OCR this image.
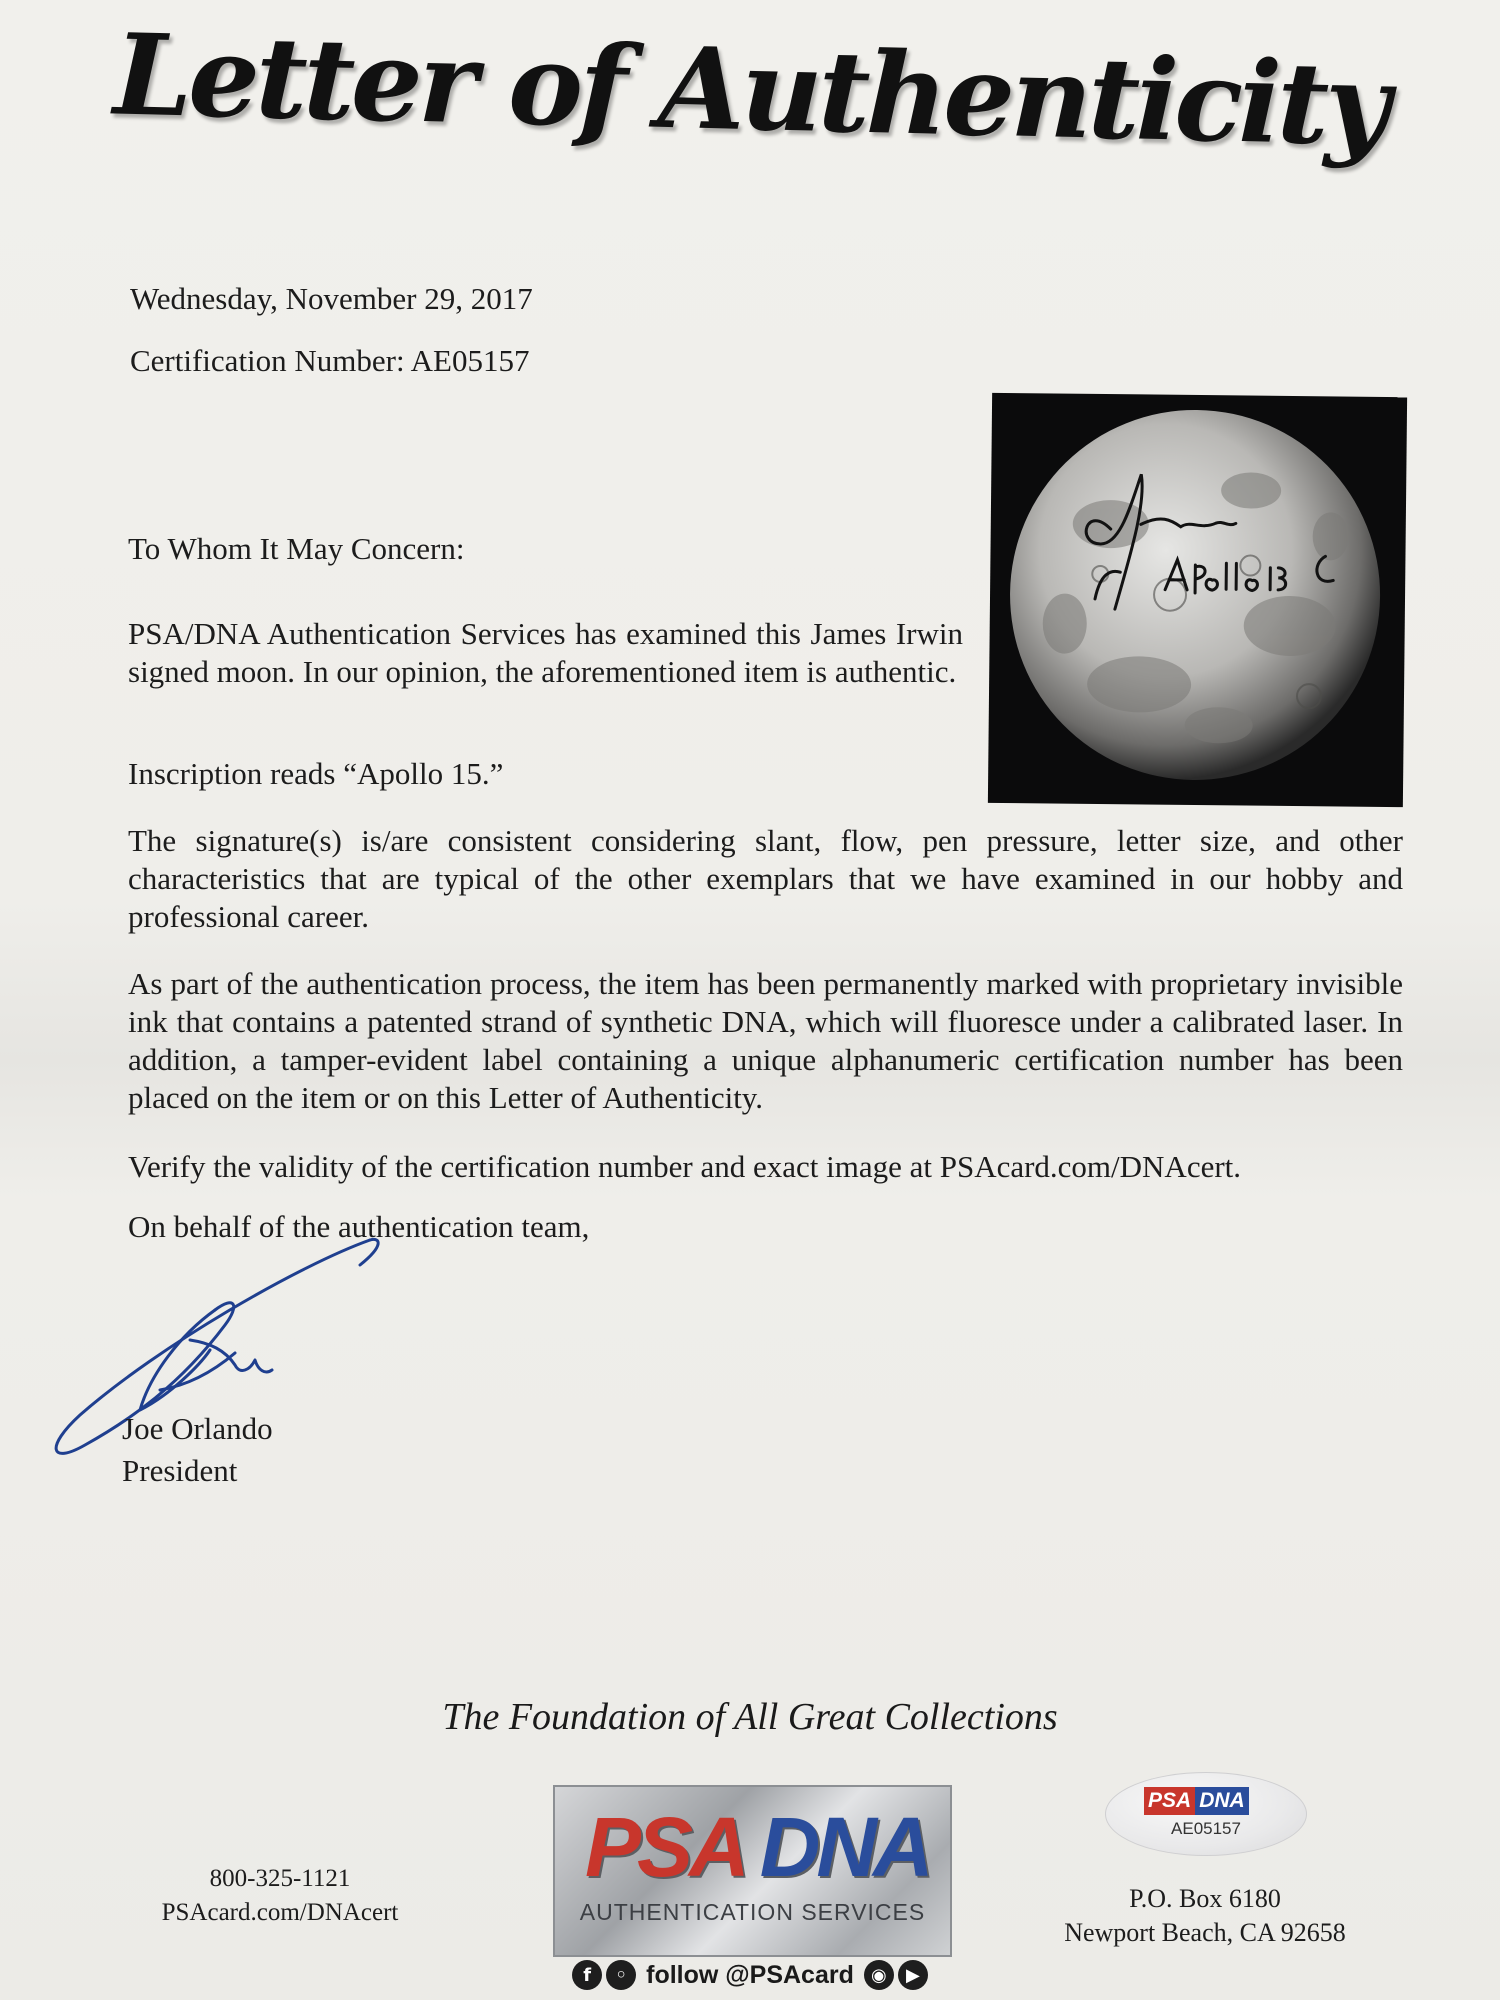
Letter of Authenticity
Wednesday, November 29, 2017
Certification Number: AE05157
To Whom It May Concern:
PSA/DNA Authentication Services has examined this James Irwin signed moon. In our opinion, the aforementioned item is authentic.
Inscription reads “Apollo 15.”
The signature(s) is/are consistent considering slant, flow, pen pressure, letter size, and other characteristics that are typical of the other exemplars that we have examined in our hobby and professional career.
As part of the authentication process, the item has been permanently marked with proprietary invisible ink that contains a patented strand of synthetic DNA, which will fluoresce under a calibrated laser. In addition, a tamper-evident label containing a unique alphanumeric certification number has been placed on the item or on this Letter of Authenticity.
Verify the validity of the certification number and exact image at PSAcard.com/DNAcert.
On behalf of the authentication team,
Joe Orlando
President
The Foundation of All Great Collections
800-325-1121
PSAcard.com/DNAcert
PSA DNA
AUTHENTICATION SERVICES
f	◦ follow @PSAcard ◉	▶
PSA DNA
AE05157
P.O. Box 6180
Newport Beach, CA 92658
